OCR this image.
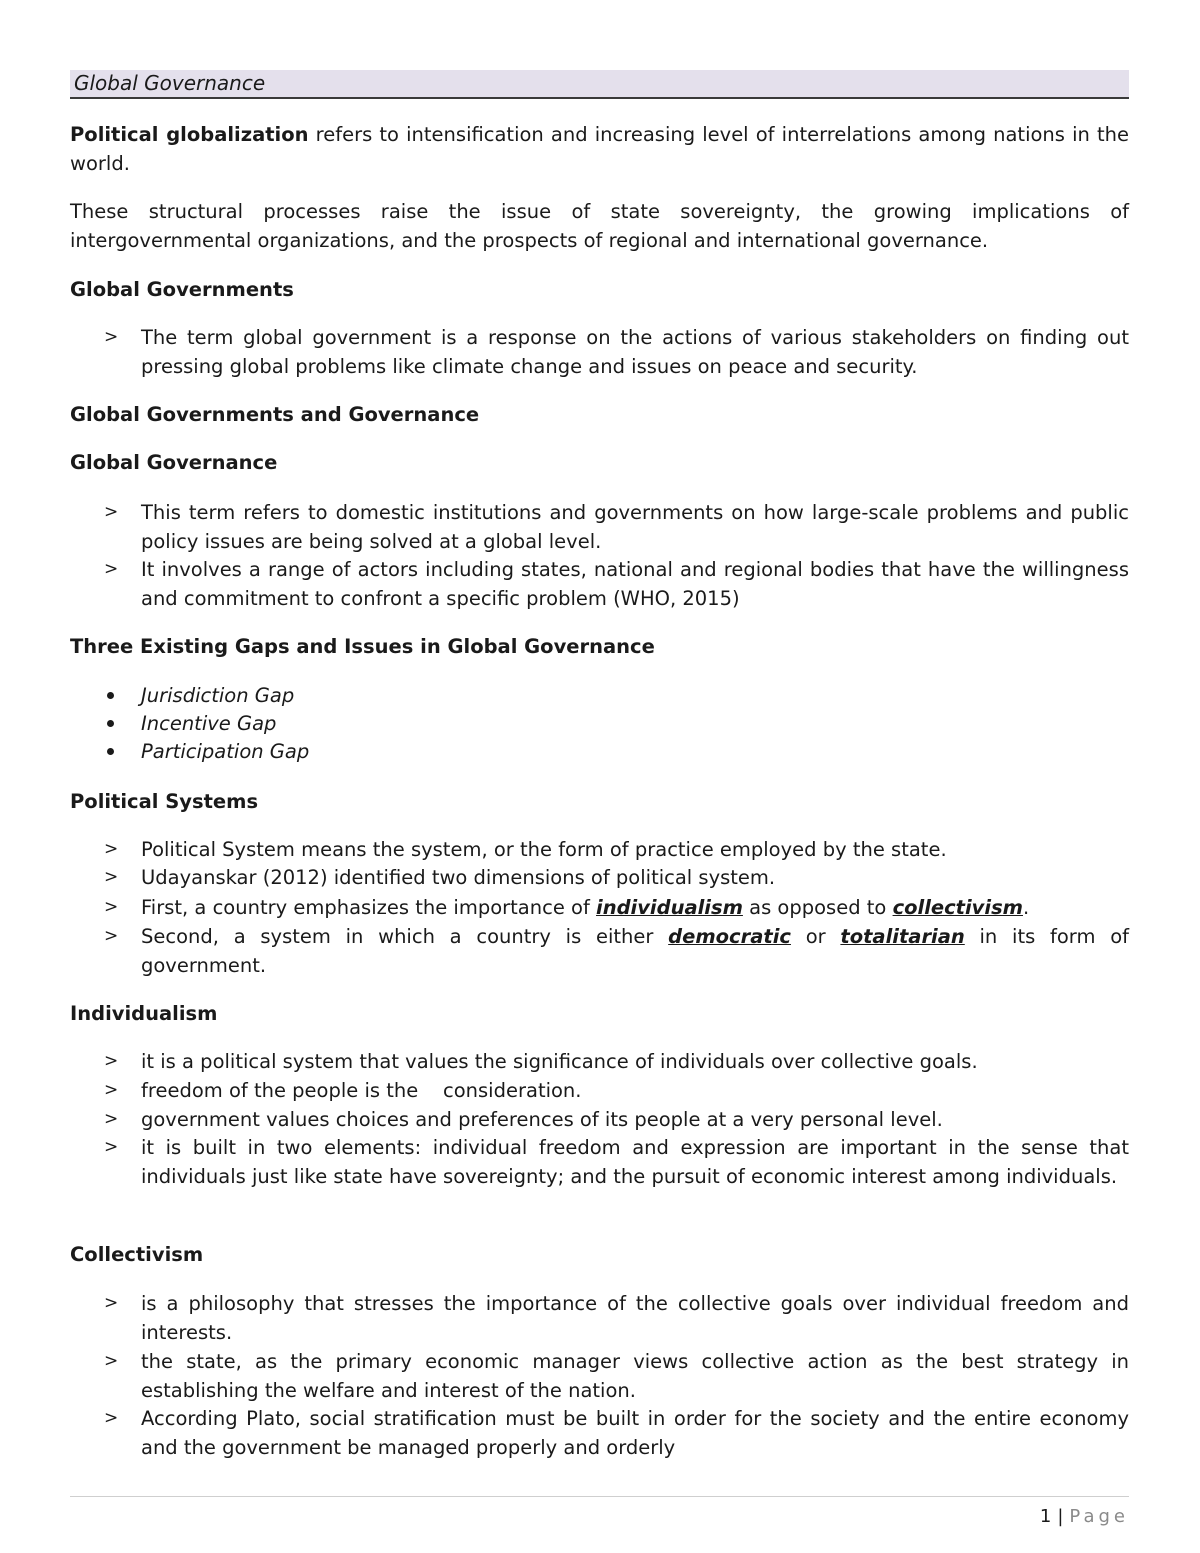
Global Governance
Political globalization refers to intensification and increasing level of interrelations among nations in the world.
These structural processes raise the issue of state sovereignty, the growing implications of intergovernmental organizations, and the prospects of regional and international governance.
Global Governments
> The term global government is a response on the actions of various stakeholders on finding out pressing global problems like climate change and issues on peace and security.
Global Governments and Governance
Global Governance
> This term refers to domestic institutions and governments on how large-scale problems and public policy issues are being solved at a global level.
> It involves a range of actors including states, national and regional bodies that have the willingness and commitment to confront a specific problem (WHO, 2015)
Three Existing Gaps and Issues in Global Governance
Jurisdiction Gap
Incentive Gap
Participation Gap
Political Systems
> Political System means the system, or the form of practice employed by the state.
> Udayanskar (2012) identified two dimensions of political system.
> First, a country emphasizes the importance of individualism as opposed to collectivism.
> Second, a system in which a country is either democratic or totalitarian in its form of government.
Individualism
> it is a political system that values the significance of individuals over collective goals.
> freedom of the people is the    consideration.
> government values choices and preferences of its people at a very personal level.
> it is built in two elements: individual freedom and expression are important in the sense that individuals just like state have sovereignty; and the pursuit of economic interest among individuals.
Collectivism
> is a philosophy that stresses the importance of the collective goals over individual freedom and interests.
> the state, as the primary economic manager views collective action as the best strategy in establishing the welfare and interest of the nation.
> According Plato, social stratification must be built in order for the society and the entire economy and the government be managed properly and orderly
1 | Page
